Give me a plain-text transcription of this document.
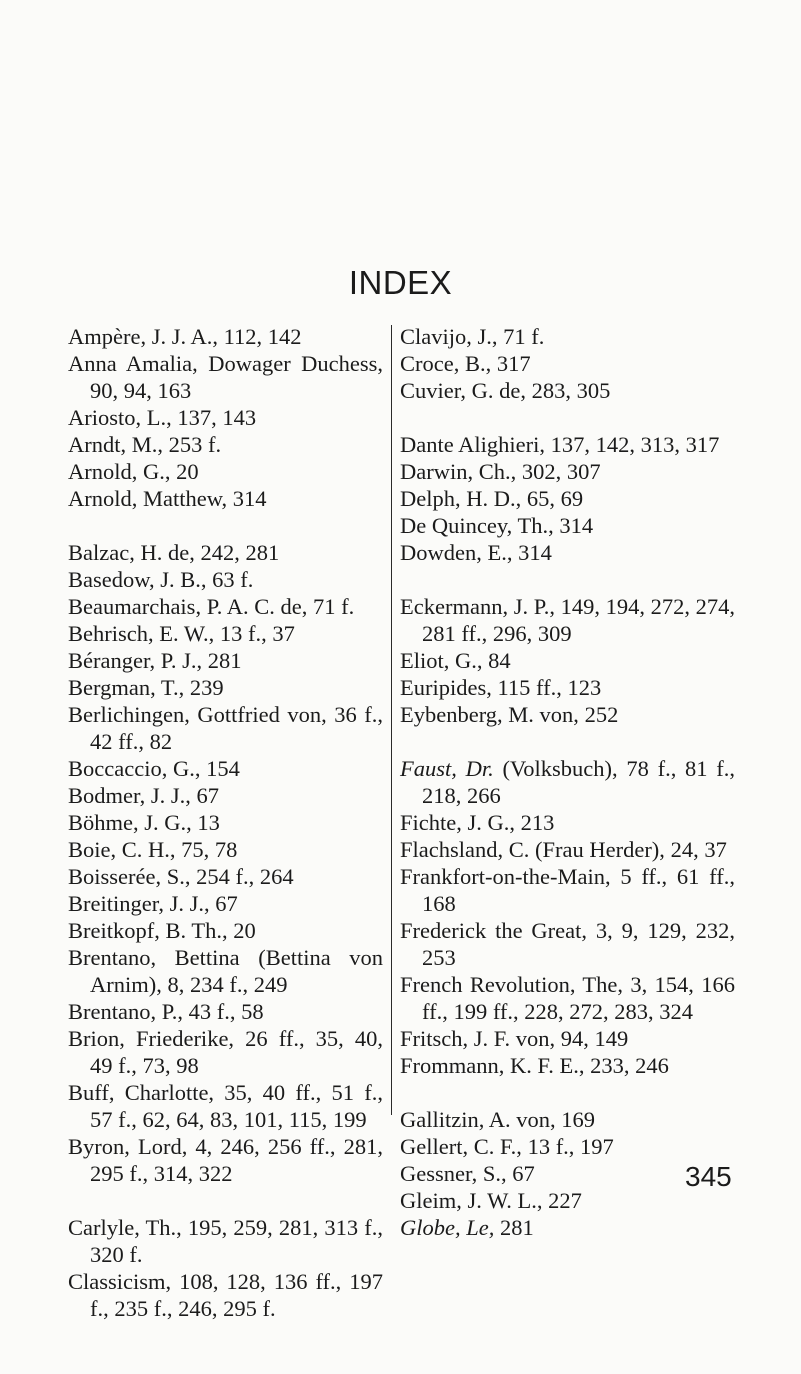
INDEX

Ampère, J. J. A., 112, 142

Anna Amalia, Dowager Duchess, 90, 94, 163

Ariosto, L., 137, 143

Arndt, M., 253 f.

Arnold, G., 20

Arnold, Matthew, 314

Balzac, H. de, 242, 281

Basedow, J. B., 63 f.

Beaumarchais, P. A. C. de, 71 f.

Behrisch, E. W., 13 f., 37

Béranger, P. J., 281

Bergman, T., 239

Berlichingen, Gottfried von, 36 f., 42 ff., 82

Boccaccio, G., 154

Bodmer, J. J., 67

Böhme, J. G., 13

Boie, C. H., 75, 78

Boisserée, S., 254 f., 264

Breitinger, J. J., 67

Breitkopf, B. Th., 20

Brentano, Bettina (Bettina von Arnim), 8, 234 f., 249

Brentano, P., 43 f., 58

Brion, Friederike, 26 ff., 35, 40, 49 f., 73, 98

Buff, Charlotte, 35, 40 ff., 51 f., 57 f., 62, 64, 83, 101, 115, 199

Byron, Lord, 4, 246, 256 ff., 281, 295 f., 314, 322

Carlyle, Th., 195, 259, 281, 313 f., 320 f.

Classicism, 108, 128, 136 ff., 197 f., 235 f., 246, 295 f.

Clavijo, J., 71 f.

Croce, B., 317

Cuvier, G. de, 283, 305

Dante Alighieri, 137, 142, 313, 317

Darwin, Ch., 302, 307

Delph, H. D., 65, 69

De Quincey, Th., 314

Dowden, E., 314

Eckermann, J. P., 149, 194, 272, 274, 281 ff., 296, 309

Eliot, G., 84

Euripides, 115 ff., 123

Eybenberg, M. von, 252

Faust, Dr. (Volksbuch), 78 f., 81 f., 218, 266

Fichte, J. G., 213

Flachsland, C. (Frau Herder), 24, 37

Frankfort-on-the-Main, 5 ff., 61 ff., 168

Frederick the Great, 3, 9, 129, 232, 253

French Revolution, The, 3, 154, 166 ff., 199 ff., 228, 272, 283, 324

Fritsch, J. F. von, 94, 149

Frommann, K. F. E., 233, 246

Gallitzin, A. von, 169

Gellert, C. F., 13 f., 197

Gessner, S., 67

Gleim, J. W. L., 227

Globe, Le, 281

345
